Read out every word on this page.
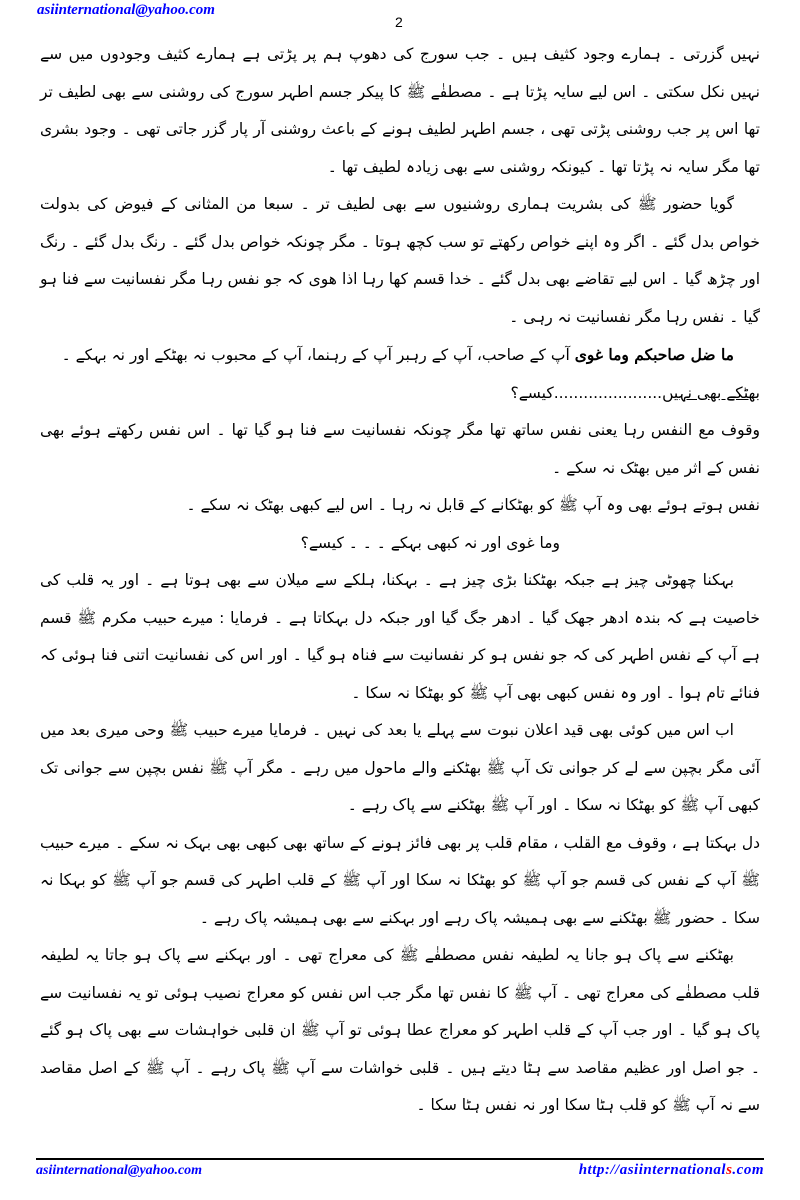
asiinternational@yahoo.com
2

نہیں گزرتی ۔ ہمارے وجود کثیف ہیں ۔ جب سورج کی دھوپ ہم پر پڑتی ہے ہمارے کثیف وجودوں میں سے نہیں نکل سکتی ۔ اس لیے سایہ پڑتا ہے ۔ مصطفٰے ﷺ کا پیکر جسم اطہر سورج کی روشنی سے بھی لطیف تر تھا اس پر جب روشنی پڑتی تھی ، جسم اطہر لطیف ہونے کے باعث روشنی آر پار گزر جاتی تھی ۔ وجود بشری تھا مگر سایہ نہ پڑتا تھا ۔ کیونکہ روشنی سے بھی زیادہ لطیف تھا ۔

گویا حضور ﷺ کی بشریت ہماری روشنیوں سے بھی لطیف تر ۔ سبعا من المثانی کے فیوض کی بدولت خواص بدل گئے ۔ اگر وہ اپنے خواص رکھتے تو سب کچھ ہوتا ۔ مگر چونکہ خواص بدل گئے ۔ رنگ بدل گئے ۔ رنگ اور چڑھ گیا ۔ اس لیے تقاضے بھی بدل گئے ۔ خدا قسم کھا رہا اذا ھوی کہ جو نفس رہا مگر نفسانیت سے فنا ہو گیا ۔ نفس رہا مگر نفسانیت نہ رہی ۔

ما ضل صاحبکم وما غوی آپ کے صاحب، آپ کے رہبر آپ کے رہنما، آپ کے محبوب نہ بھٹکے اور نہ بہکے ۔

بھٹکے بھی نہیں......................کیسے؟

وقوف مع النفس رہا یعنی نفس ساتھ تھا مگر چونکہ نفسانیت سے فنا ہو گیا تھا ۔ اس نفس رکھتے ہوئے بھی نفس کے اثر میں بھٹک نہ سکے ۔

نفس ہوتے ہوئے بھی وہ آپ ﷺ کو بھٹکانے کے قابل نہ رہا ۔ اس لیے کبھی بھٹک نہ سکے ۔

وما غوی اور نہ کبھی بہکے ۔ ۔ ۔ کیسے؟

بہکنا چھوٹی چیز ہے جبکہ بھٹکنا بڑی چیز ہے ۔ بہکنا، ہلکے سے میلان سے بھی ہوتا ہے ۔ اور یہ قلب کی خاصیت ہے کہ بندہ ادھر جھک گیا ۔ ادھر جگ گیا اور جبکہ دل بہکاتا ہے ۔ فرمایا : میرے حبیب مکرم ﷺ قسم ہے آپ کے نفس اطہر کی کہ جو نفس ہو کر نفسانیت سے فناہ ہو گیا ۔ اور اس کی نفسانیت اتنی فنا ہوئی کہ فنائے تام ہوا ۔ اور وہ نفس کبھی بھی آپ ﷺ کو بھٹکا نہ سکا ۔

اب اس میں کوئی بھی قید اعلان نبوت سے پہلے یا بعد کی نہیں ۔ فرمایا میرے حبیب ﷺ وحی میری بعد میں آئی مگر بچپن سے لے کر جوانی تک آپ ﷺ بھٹکنے والے ماحول میں رہے ۔ مگر آپ ﷺ نفس بچپن سے جوانی تک کبھی آپ ﷺ کو بھٹکا نہ سکا ۔ اور آپ ﷺ بھٹکنے سے پاک رہے ۔

دل بہکتا ہے ، وقوف مع القلب ، مقام قلب پر بھی فائز ہونے کے ساتھ بھی کبھی بھی بہک نہ سکے ۔ میرے حبیب ﷺ آپ کے نفس کی قسم جو آپ ﷺ کو بھٹکا نہ سکا اور آپ ﷺ کے قلب اطہر کی قسم جو آپ ﷺ کو بہکا نہ سکا ۔ حضور ﷺ بھٹکنے سے بھی ہمیشہ پاک رہے اور بہکنے سے بھی ہمیشہ پاک رہے ۔

بھٹکنے سے پاک ہو جانا یہ لطیفہ نفس مصطفٰے ﷺ کی معراج تھی ۔ اور بہکنے سے پاک ہو جاتا یہ لطیفہ قلب مصطفٰے کی معراج تھی ۔ آپ ﷺ کا نفس تھا مگر جب اس نفس کو معراج نصیب ہوئی تو یہ نفسانیت سے پاک ہو گیا ۔ اور جب آپ کے قلب اطہر کو معراج عطا ہوئی تو آپ ﷺ ان قلبی خواہشات سے بھی پاک ہو گئے ۔ جو اصل اور عظیم مقاصد سے ہٹا دیتے ہیں ۔ قلبی خواشات سے آپ ﷺ پاک رہے ۔ آپ ﷺ کے اصل مقاصد سے نہ آپ ﷺ کو قلب ہٹا سکا اور نہ نفس ہٹا سکا ۔

asiinternational@yahoo.com	http://asiinternationals.com
